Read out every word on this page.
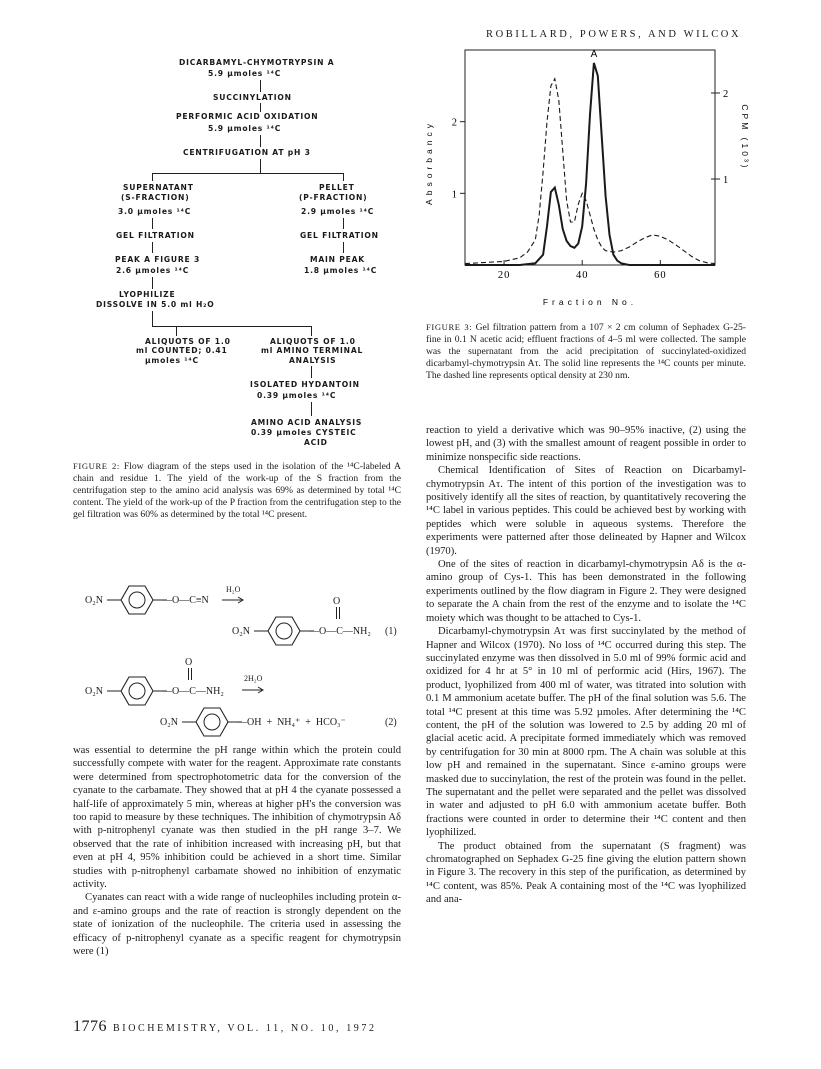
ROBILLARD, POWERS, AND WILCOX
DICARBAMYL-CHYMOTRYPSIN A
5.9 µmoles ¹⁴C
SUCCINYLATION
PERFORMIC ACID OXIDATION
5.9 µmoles ¹⁴C
CENTRIFUGATION AT pH 3
SUPERNATANT
(S-FRACTION)
3.0 µmoles ¹⁴C
PELLET
(P-FRACTION)
2.9 µmoles ¹⁴C
GEL FILTRATION	GEL FILTRATION
PEAK A FIGURE 3
2.6 µmoles ¹⁴C
MAIN PEAK
1.8 µmoles ¹⁴C
LYOPHILIZE
DISSOLVE IN 5.0 ml H₂O
ALIQUOTS OF 1.0
ml COUNTED; 0.41
µmoles ¹⁴C
ALIQUOTS OF 1.0
ml AMINO TERMINAL
ANALYSIS
ISOLATED HYDANTOIN
0.39 µmoles ¹⁴C
AMINO ACID ANALYSIS
0.39 µmoles CYSTEIC
ACID
FIGURE 2: Flow diagram of the steps used in the isolation of the ¹⁴C-labeled A chain and residue 1. The yield of the work-up of the S fraction from the centrifugation step to the amino acid analysis was 69% as determined by total ¹⁴C content. The yield of the work-up of the P fraction from the centrifugation step to the gel filtration was 60% as determined by the total ¹⁴C present.
O₂N	—O—C≡N
H₂O
O
O₂N	—O—C—NH₂ (1)
O
O₂N	—O—C—NH₂
2H₂O
O₂N	—OH  +  NH₄⁺  +  HCO₃⁻	(2)

was essential to determine the pH range within which the protein could successfully compete with water for the reagent. Approximate rate constants were determined from spectrophotometric data for the conversion of the cyanate to the carbamate. They showed that at pH 4 the cyanate possessed a half-life of approximately 5 min, whereas at higher pH's the conversion was too rapid to measure by these techniques. The inhibition of chymotrypsin Aδ with p-nitrophenyl cyanate was then studied in the pH range 3–7. We observed that the rate of inhibition increased with increasing pH, but that even at pH 4, 95% inhibition could be achieved in a short time. Similar studies with p-nitrophenyl carbamate showed no inhibition of enzymatic activity.

Cyanates can react with a wide range of nucleophiles including protein α- and ε-amino groups and the rate of reaction is strongly dependent on the state of ionization of the nucleophile. The criteria used in assessing the efficacy of p-nitrophenyl cyanate as a specific reagent for chymotrypsin were (1)

20	40	60
1
2
1
2
A
Fraction No.
Absorbancy	CPM (10³)
FIGURE 3: Gel filtration pattern from a 107 × 2 cm column of Sephadex G-25-fine in 0.1 N acetic acid; effluent fractions of 4–5 ml were collected. The sample was the supernatant from the acid precipitation of succinylated-oxidized dicarbamyl-chymotrypsin Aτ. The solid line represents the ¹⁴C counts per minute. The dashed line represents optical density at 230 nm.

reaction to yield a derivative which was 90–95% inactive, (2) using the lowest pH, and (3) with the smallest amount of reagent possible in order to minimize nonspecific side reactions.

Chemical Identification of Sites of Reaction on Dicarbamyl-chymotrypsin Aτ. The intent of this portion of the investigation was to positively identify all the sites of reaction, by quantitatively recovering the ¹⁴C label in various peptides. This could be achieved best by working with peptides which were soluble in aqueous systems. Therefore the experiments were patterned after those delineated by Hapner and Wilcox (1970).

One of the sites of reaction in dicarbamyl-chymotrypsin Aδ is the α-amino group of Cys-1. This has been demonstrated in the following experiments outlined by the flow diagram in Figure 2. They were designed to separate the A chain from the rest of the enzyme and to isolate the ¹⁴C moiety which was thought to be attached to Cys-1.

Dicarbamyl-chymotrypsin Aτ was first succinylated by the method of Hapner and Wilcox (1970). No loss of ¹⁴C occurred during this step. The succinylated enzyme was then dissolved in 5.0 ml of 99% formic acid and oxidized for 4 hr at 5° in 10 ml of performic acid (Hirs, 1967). The product, lyophilized from 400 ml of water, was titrated into solution with 0.1 M ammonium acetate buffer. The pH of the final solution was 5.6. The total ¹⁴C present at this time was 5.92 µmoles. After determining the ¹⁴C content, the pH of the solution was lowered to 2.5 by adding 20 ml of glacial acetic acid. A precipitate formed immediately which was removed by centrifugation for 30 min at 8000 rpm. The A chain was soluble at this low pH and remained in the supernatant. Since ε-amino groups were masked due to succinylation, the rest of the protein was found in the pellet. The supernatant and the pellet were separated and the pellet was dissolved in water and adjusted to pH 6.0 with ammonium acetate buffer. Both fractions were counted in order to determine their ¹⁴C content and then lyophilized.

The product obtained from the supernatant (S fragment) was chromatographed on Sephadex G-25 fine giving the elution pattern shown in Figure 3. The recovery in this step of the purification, as determined by ¹⁴C content, was 85%. Peak A containing most of the ¹⁴C was lyophilized and ana-

1776 BIOCHEMISTRY, VOL. 11, NO. 10, 1972
